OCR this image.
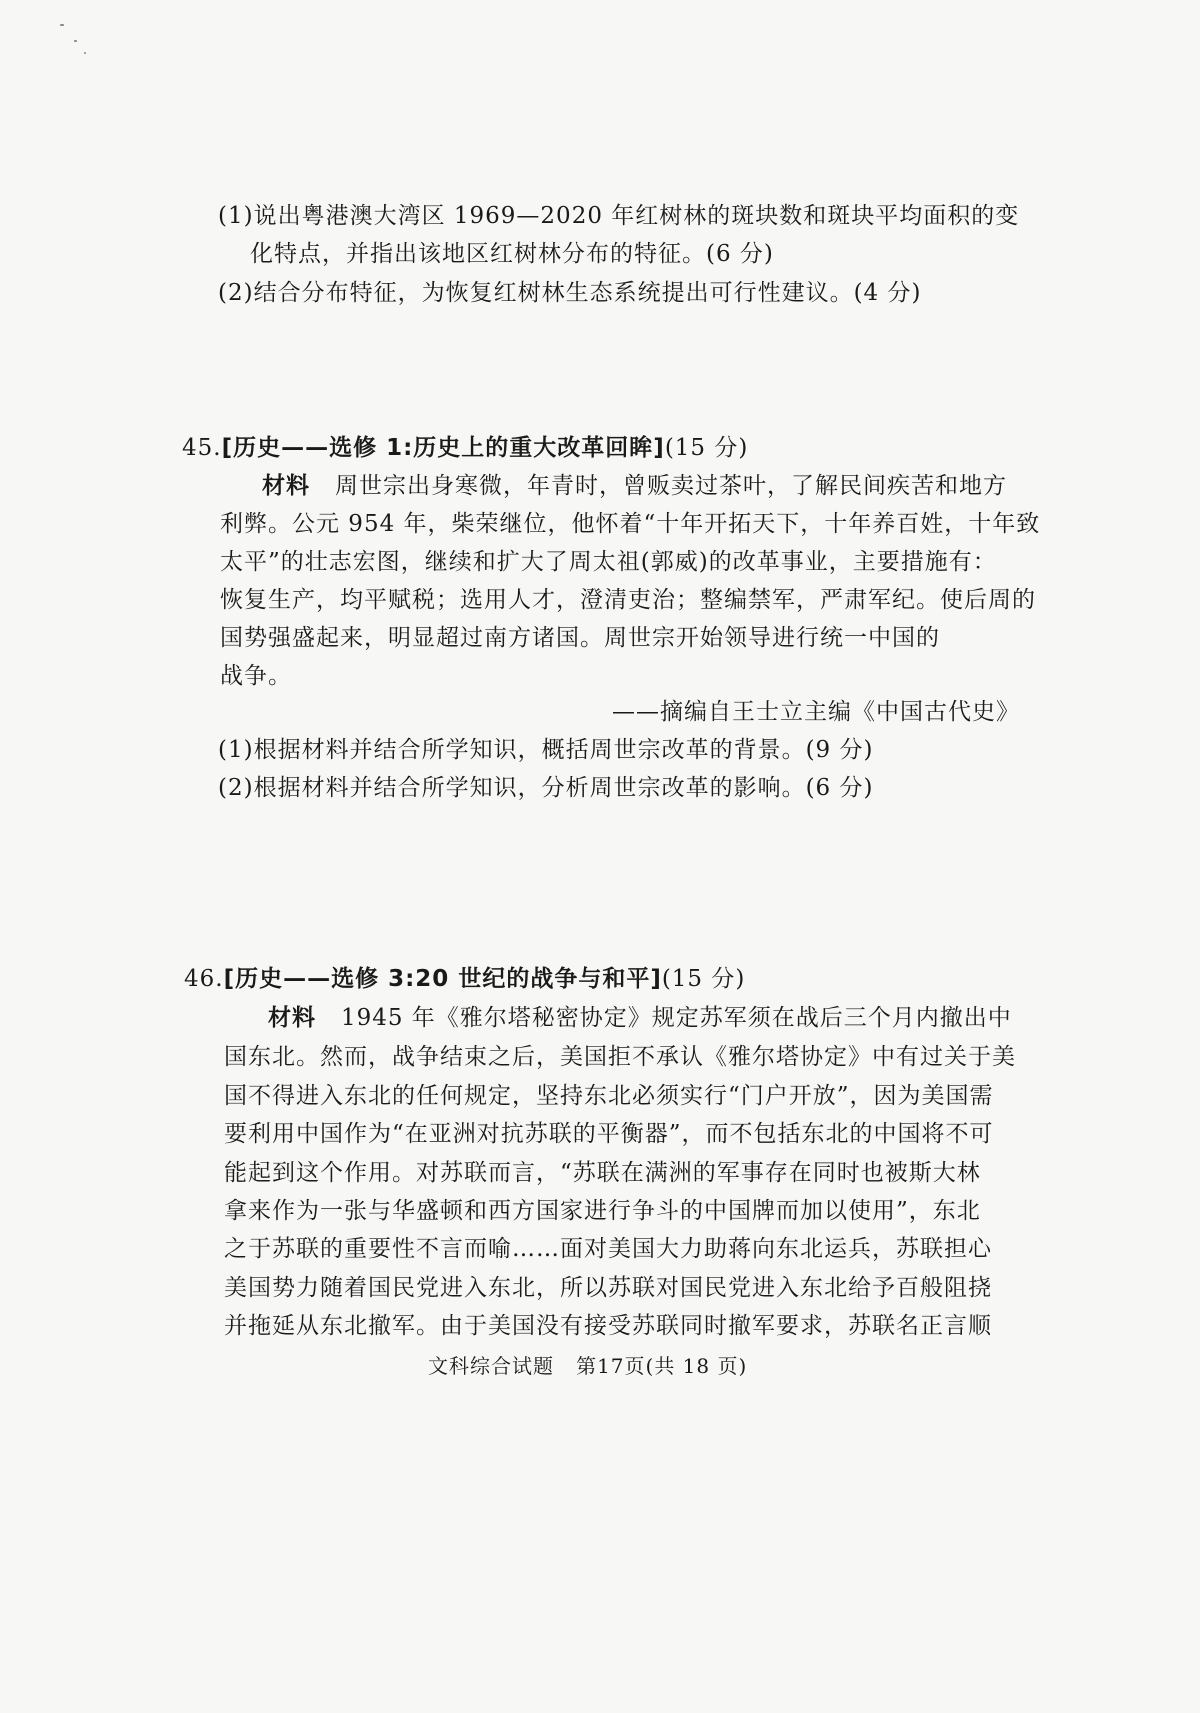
(1)说出粤港澳大湾区 1969—2020 年红树林的斑块数和斑块平均面积的变
化特点，并指出该地区红树林分布的特征。(6 分)
(2)结合分布特征，为恢复红树林生态系统提出可行性建议。(4 分)
45.[历史——选修 1:历史上的重大改革回眸](15 分)
材料 周世宗出身寒微，年青时，曾贩卖过茶叶，了解民间疾苦和地方
利弊。公元 954 年，柴荣继位，他怀着“十年开拓天下，十年养百姓，十年致
太平”的壮志宏图，继续和扩大了周太祖(郭威)的改革事业，主要措施有：
恢复生产，均平赋税；选用人才，澄清吏治；整编禁军，严肃军纪。使后周的
国势强盛起来，明显超过南方诸国。周世宗开始领导进行统一中国的
战争。
——摘编自王士立主编《中国古代史》
(1)根据材料并结合所学知识，概括周世宗改革的背景。(9 分)
(2)根据材料并结合所学知识，分析周世宗改革的影响。(6 分)
46.[历史——选修 3:20 世纪的战争与和平](15 分)
材料 1945 年《雅尔塔秘密协定》规定苏军须在战后三个月内撤出中
国东北。然而，战争结束之后，美国拒不承认《雅尔塔协定》中有过关于美
国不得进入东北的任何规定，坚持东北必须实行“门户开放”，因为美国需
要利用中国作为“在亚洲对抗苏联的平衡器”，而不包括东北的中国将不可
能起到这个作用。对苏联而言，“苏联在满洲的军事存在同时也被斯大林
拿来作为一张与华盛顿和西方国家进行争斗的中国牌而加以使用”，东北
之于苏联的重要性不言而喻……面对美国大力助蒋向东北运兵，苏联担心
美国势力随着国民党进入东北，所以苏联对国民党进入东北给予百般阻挠
并拖延从东北撤军。由于美国没有接受苏联同时撤军要求，苏联名正言顺
文科综合试题 第17页(共 18 页)
